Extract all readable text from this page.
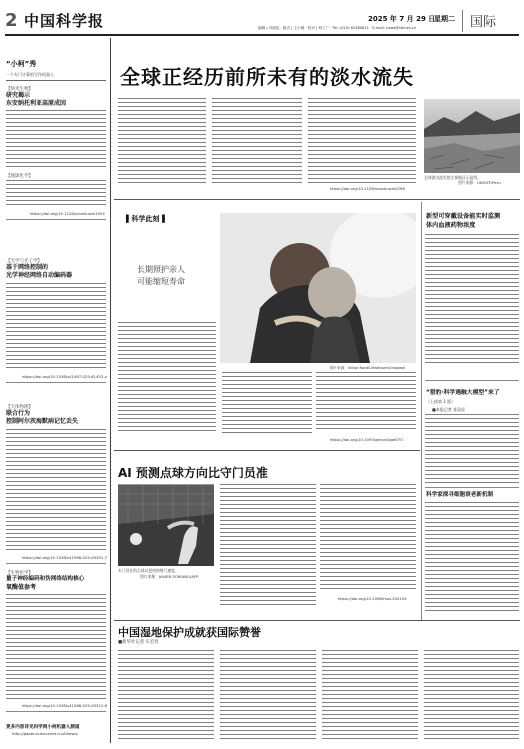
2 中国科学报	2025 年 7 月 29 日
星期二 国际
编辑 | 冯丽妃 · 版式 | 王小明 · 校对 | 何工厂 · Tel: (010) 62580611 · E-mail: news@stimes.cn
“小柯”秀
一个专门计算机写作机器人
【纳米生物】
研究揭示
东安纳托利亚高原成因
【地球化学】
https://doi.org/10.1126/sciadv.adv1924
【光学与光子学】
基于网络控制的
光学神经网络自动编码器
https://doi.org/10.1038/s41467-025-61453-x
【天体物理】
联合行为
控制阿尔茨海默病记忆丢失
https://doi.org/10.1038/s41586-025-09351-7
【生物医学】
量子神经编码和伪网络结构核心
氧酶值参考
https://doi.org/10.1038/s41586-025-09312-8
更多内容详见科学网小柯机器人频道
http://paper.sciencenet.cn/AInews/
全球正经历前所未有的淡水流失
https://doi.org/10.1126/sciadv.adx0298
全球淡水流失的主要地区示意图。
图片来源：UNICEF/Peru
▌科学此刻▐
长期照护亲人
可能缩短寿命
图片来源：Victor Nordli-Mathisen/Unsplash
https://doi.org/10.1093/geroni/igaf070
新型可穿戴设备能实时监测
体内血液药物浓度
“猎豹·科学遇触大模型”来了
（上接第 1 版）
■本报记者 张双虎
科学家探寻细胞衰老新机制
AI 预测点球方向比守门员准
专门设计的点球以更快的射门速度。
图片来源：JAVIER SORIANO/AFP
https://doi.org/10.1098/rsos.250154
中国湿地保护成就获国际赞誉
■新华社记者 车宏亮
